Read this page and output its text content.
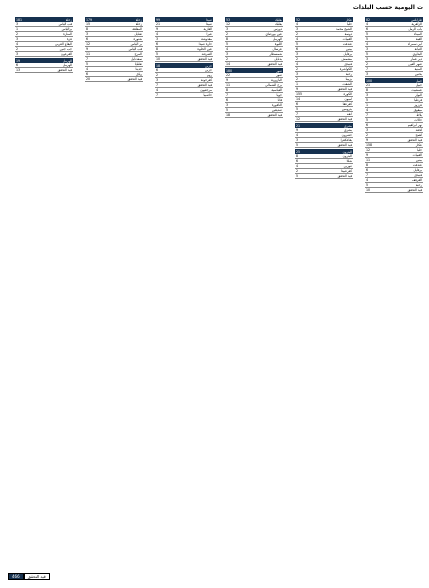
ت اليومية حسب البلدات
طرابلس
82
الزاهرية
4
باب الرمل
6
الميناء
5
القبة
5
ابي سمراء
4
التبانة
3
البداوي
5
دير عمار
3
ضهر العين
2
المنية
7
بحنين
3
جبيل
100
جبيل
21
عمشيت
8
البوار
3
قرطبا
5
غرزوز
1
ميفوق
4
بلاط
7
حالات
5
نهر ابراهيم
6
لحفد
3
اهمج
2
قيد التحقق
9
عكار
158
حلبا
12
القبيات
9
ببنين
11
عندقت
8
برقايل
6
فنيدق
7
القرقف
4
رحبة
5
قيد التحقق
10
عكار
52
حلبا
4
الشيخ محمد
3
دوسة
2
القبيات
4
عندقت
5
ببنين
6
برقايل
3
مشمش
2
فنيدق
4
الكواشرة
2
رحبة
3
بزبينا
2
الشفت
1
قيد التحقق
9
الكورة
155
اميون
14
كفرعقا
6
بترومين
5
انفه
7
قيد التحقق
12
بشري
21
بشري
9
حصرون
4
بقاعكفرا
3
قيد التحقق
5
البترون
25
البترون
8
شكا
6
تنورين
4
كفرعبيدا
2
قيد التحقق
5
بعلبك
53
بعلبك
12
دورس
3
عين بورضاي
2
الهرمل
8
اللبوة
5
عرسال
4
شمسطار
3
بدنايل
2
قيد التحقق
14
صور
180
صور
22
البازورية
9
برج الشمالي
11
العباسية
8
جويا
7
قانا
6
الناقورة
3
صديقين
5
قيد التحقق
18
صيدا
99
صيدا
21
الغازية
9
عبرا
4
مغدوشة
3
حارة صيدا
6
عين الحلوة
8
الصرفند
5
قيد التحقق
10
جزين
18
جزين
6
روم
2
كفرحونة
3
قيد التحقق
7
مرجعيون
4
حاصبيا
7
زحلة
179
زحلة
15
المعلقة
8
تعنايل
3
شتورة
6
بر الياس
12
قب الياس
9
المرج
11
سعدنايل
7
تعلبايا
5
جديتا
4
رياق
6
قيد التحقق
20
زحلة
181
قب الياس
3
برالياس
1
المنارة
2
غزة
3
البقاع الغربي
4
جب جنين
2
القرعون
3
الهرمل
19
الهرمل
6
قيد التحقق
13
قيد التحقق
466
